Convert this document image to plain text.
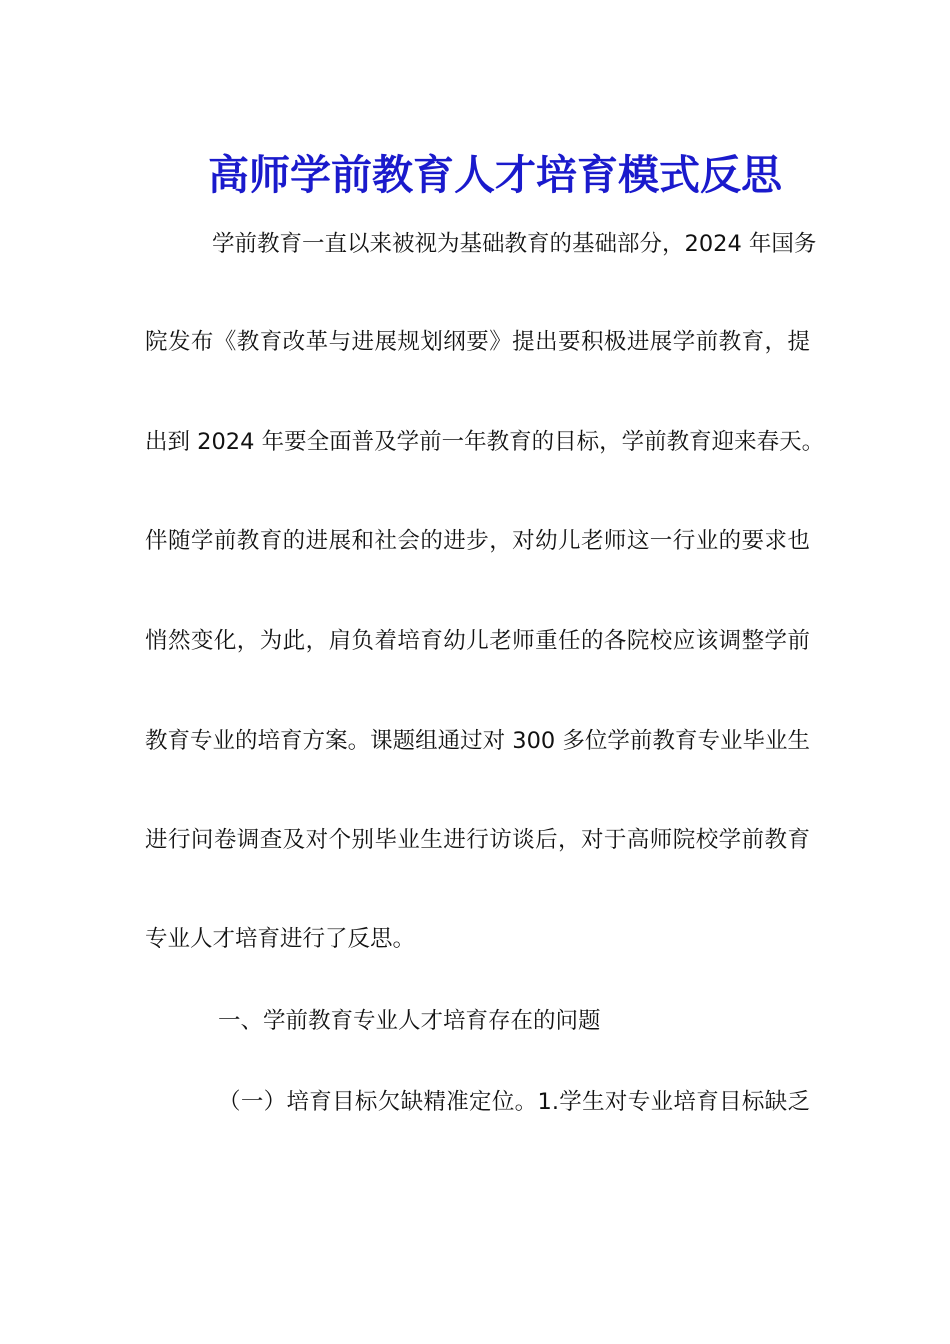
高师学前教育人才培育模式反思
学前教育一直以来被视为基础教育的基础部分，2024 年国务
院发布《教育改革与进展规划纲要》提出要积极进展学前教育，提
出到 2024 年要全面普及学前一年教育的目标，学前教育迎来春天。
伴随学前教育的进展和社会的进步，对幼儿老师这一行业的要求也
悄然变化，为此，肩负着培育幼儿老师重任的各院校应该调整学前
教育专业的培育方案。课题组通过对 300 多位学前教育专业毕业生
进行问卷调查及对个别毕业生进行访谈后，对于高师院校学前教育
专业人才培育进行了反思。
一、学前教育专业人才培育存在的问题
（一）培育目标欠缺精准定位。1.学生对专业培育目标缺乏
